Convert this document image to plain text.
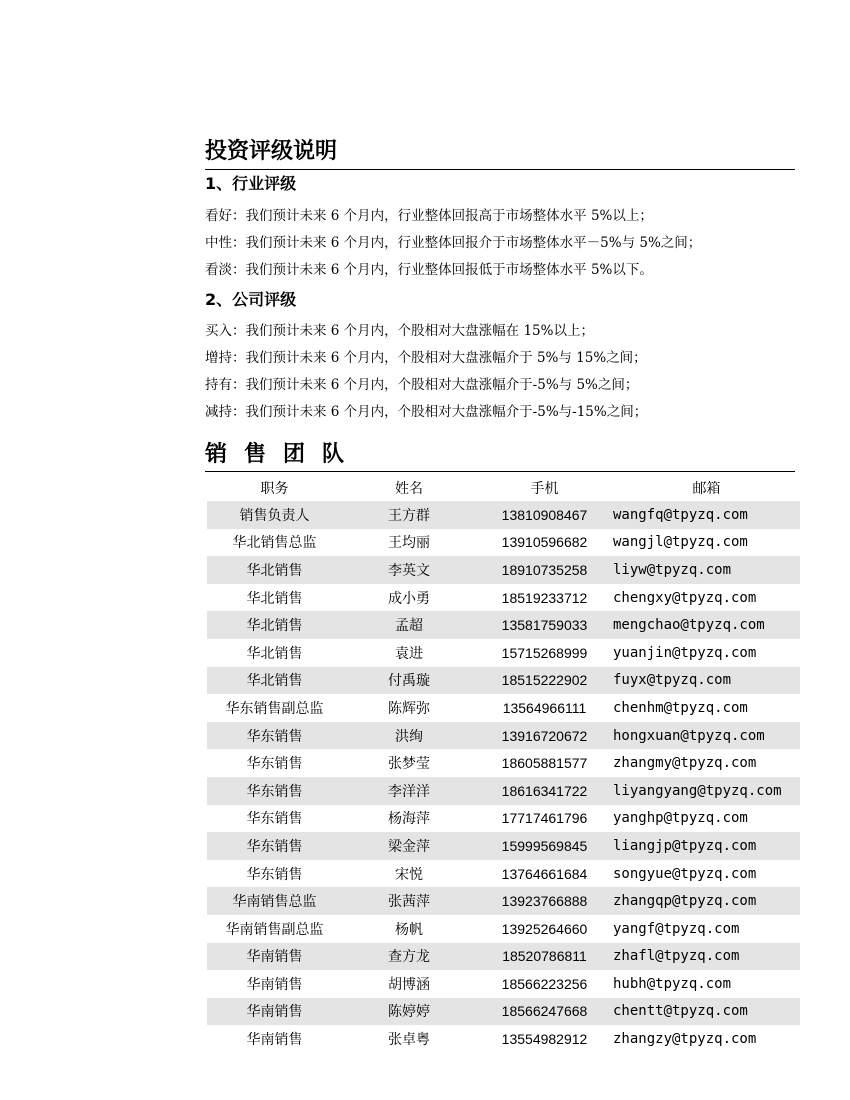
投资评级说明
1、行业评级
看好：我们预计未来 6 个月内，行业整体回报高于市场整体水平 5%以上；
中性：我们预计未来 6 个月内，行业整体回报介于市场整体水平－5%与 5%之间；
看淡：我们预计未来 6 个月内，行业整体回报低于市场整体水平 5%以下。
2、公司评级
买入：我们预计未来 6 个月内，个股相对大盘涨幅在 15%以上；
增持：我们预计未来 6 个月内，个股相对大盘涨幅介于 5%与 15%之间；
持有：我们预计未来 6 个月内，个股相对大盘涨幅介于-5%与 5%之间；
减持：我们预计未来 6 个月内，个股相对大盘涨幅介于-5%与-15%之间；
销售团队
职务	姓名	手机	邮箱
销售负责人	王方群	13810908467	wangfq@tpyzq.com
华北销售总监	王均丽	13910596682	wangjl@tpyzq.com
华北销售	李英文	18910735258	liyw@tpyzq.com
华北销售	成小勇	18519233712	chengxy@tpyzq.com
华北销售	孟超	13581759033	mengchao@tpyzq.com
华北销售	袁进	15715268999	yuanjin@tpyzq.com
华北销售	付禹璇	18515222902	fuyx@tpyzq.com
华东销售副总监	陈辉弥	13564966111	chenhm@tpyzq.com
华东销售	洪绚	13916720672	hongxuan@tpyzq.com
华东销售	张梦莹	18605881577	zhangmy@tpyzq.com
华东销售	李洋洋	18616341722	liyangyang@tpyzq.com
华东销售	杨海萍	17717461796	yanghp@tpyzq.com
华东销售	梁金萍	15999569845	liangjp@tpyzq.com
华东销售	宋悦	13764661684	songyue@tpyzq.com
华南销售总监	张茜萍	13923766888	zhangqp@tpyzq.com
华南销售副总监	杨帆	13925264660	yangf@tpyzq.com
华南销售	查方龙	18520786811	zhafl@tpyzq.com
华南销售	胡博涵	18566223256	hubh@tpyzq.com
华南销售	陈婷婷	18566247668	chentt@tpyzq.com
华南销售	张卓粤	13554982912	zhangzy@tpyzq.com
